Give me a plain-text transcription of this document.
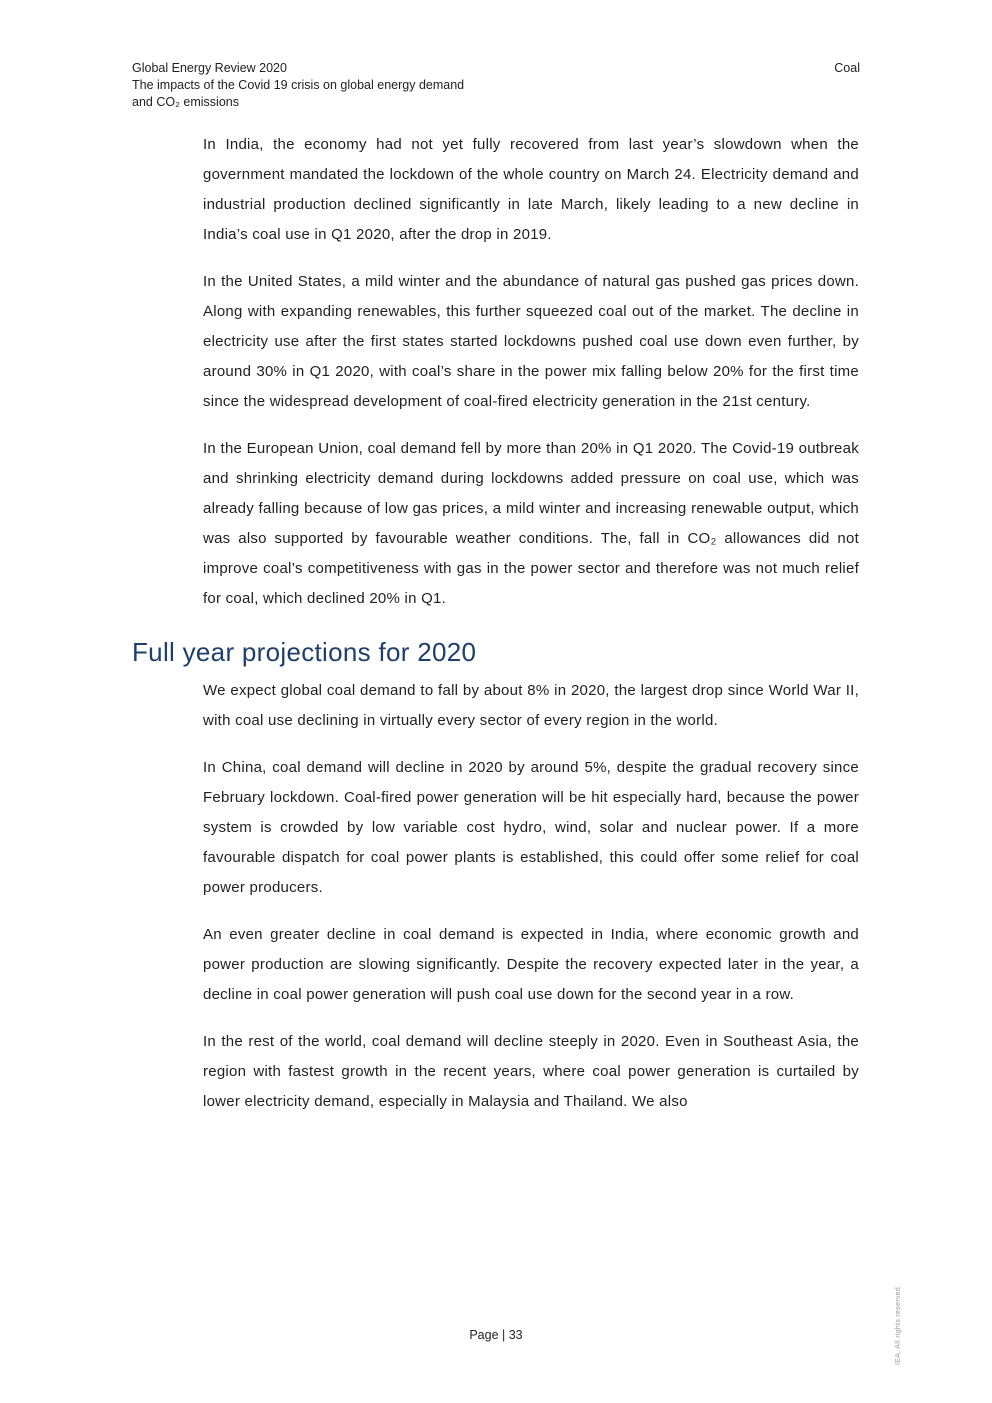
Global Energy Review 2020
The impacts of the Covid 19 crisis on global energy demand
and CO₂ emissions
Coal

In India, the economy had not yet fully recovered from last year’s slowdown when the government mandated the lockdown of the whole country on March 24. Electricity demand and industrial production declined significantly in late March, likely leading to a new decline in India’s coal use in Q1 2020, after the drop in 2019.

In the United States, a mild winter and the abundance of natural gas pushed gas prices down. Along with expanding renewables, this further squeezed coal out of the market. The decline in electricity use after the first states started lockdowns pushed coal use down even further, by around 30% in Q1 2020, with coal’s share in the power mix falling below 20% for the first time since the widespread development of coal-fired electricity generation in the 21st century.

In the European Union, coal demand fell by more than 20% in Q1 2020. The Covid-19 outbreak and shrinking electricity demand during lockdowns added pressure on coal use, which was already falling because of low gas prices, a mild winter and increasing renewable output, which was also supported by favourable weather conditions. The, fall in CO₂ allowances did not improve coal’s competitiveness with gas in the power sector and therefore was not much relief for coal, which declined 20% in Q1.

Full year projections for 2020

We expect global coal demand to fall by about 8% in 2020, the largest drop since World War II, with coal use declining in virtually every sector of every region in the world.

In China, coal demand will decline in 2020 by around 5%, despite the gradual recovery since February lockdown. Coal-fired power generation will be hit especially hard, because the power system is crowded by low variable cost hydro, wind, solar and nuclear power. If a more favourable dispatch for coal power plants is established, this could offer some relief for coal power producers.

An even greater decline in coal demand is expected in India, where economic growth and power production are slowing significantly. Despite the recovery expected later in the year, a decline in coal power generation will push coal use down for the second year in a row.

In the rest of the world, coal demand will decline steeply in 2020. Even in Southeast Asia, the region with fastest growth in the recent years, where coal power generation is curtailed by lower electricity demand, especially in Malaysia and Thailand. We also

Page | 33	IEA. All rights reserved.
